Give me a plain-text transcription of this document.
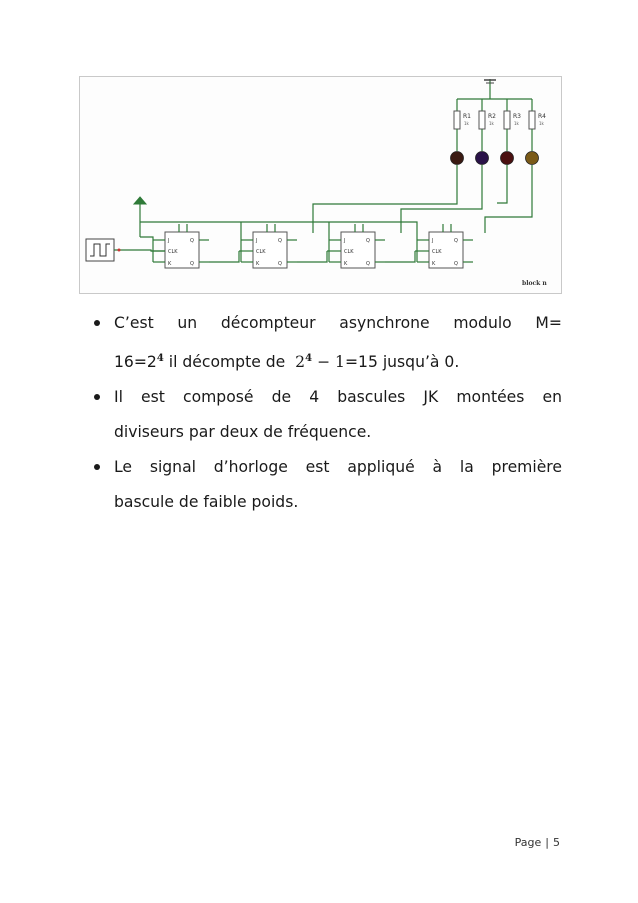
R1
1k
R2
1k
R3
1k
R4
1k
J
CLK
K
Q
Q
J
CLK
K
Q
Q
J
CLK
K
Q
Q
J
CLK
K
Q
Q
block n
C’est un décompteur asynchrone modulo M=
$16=2^4$ il décompte de  $2^4 - 1=15$ jusqu’à 0.
Il est composé de 4 bascules JK montées en
diviseurs par deux de fréquence.
Le signal d’horloge est appliqué à la première
bascule de faible poids.
Page | 5
